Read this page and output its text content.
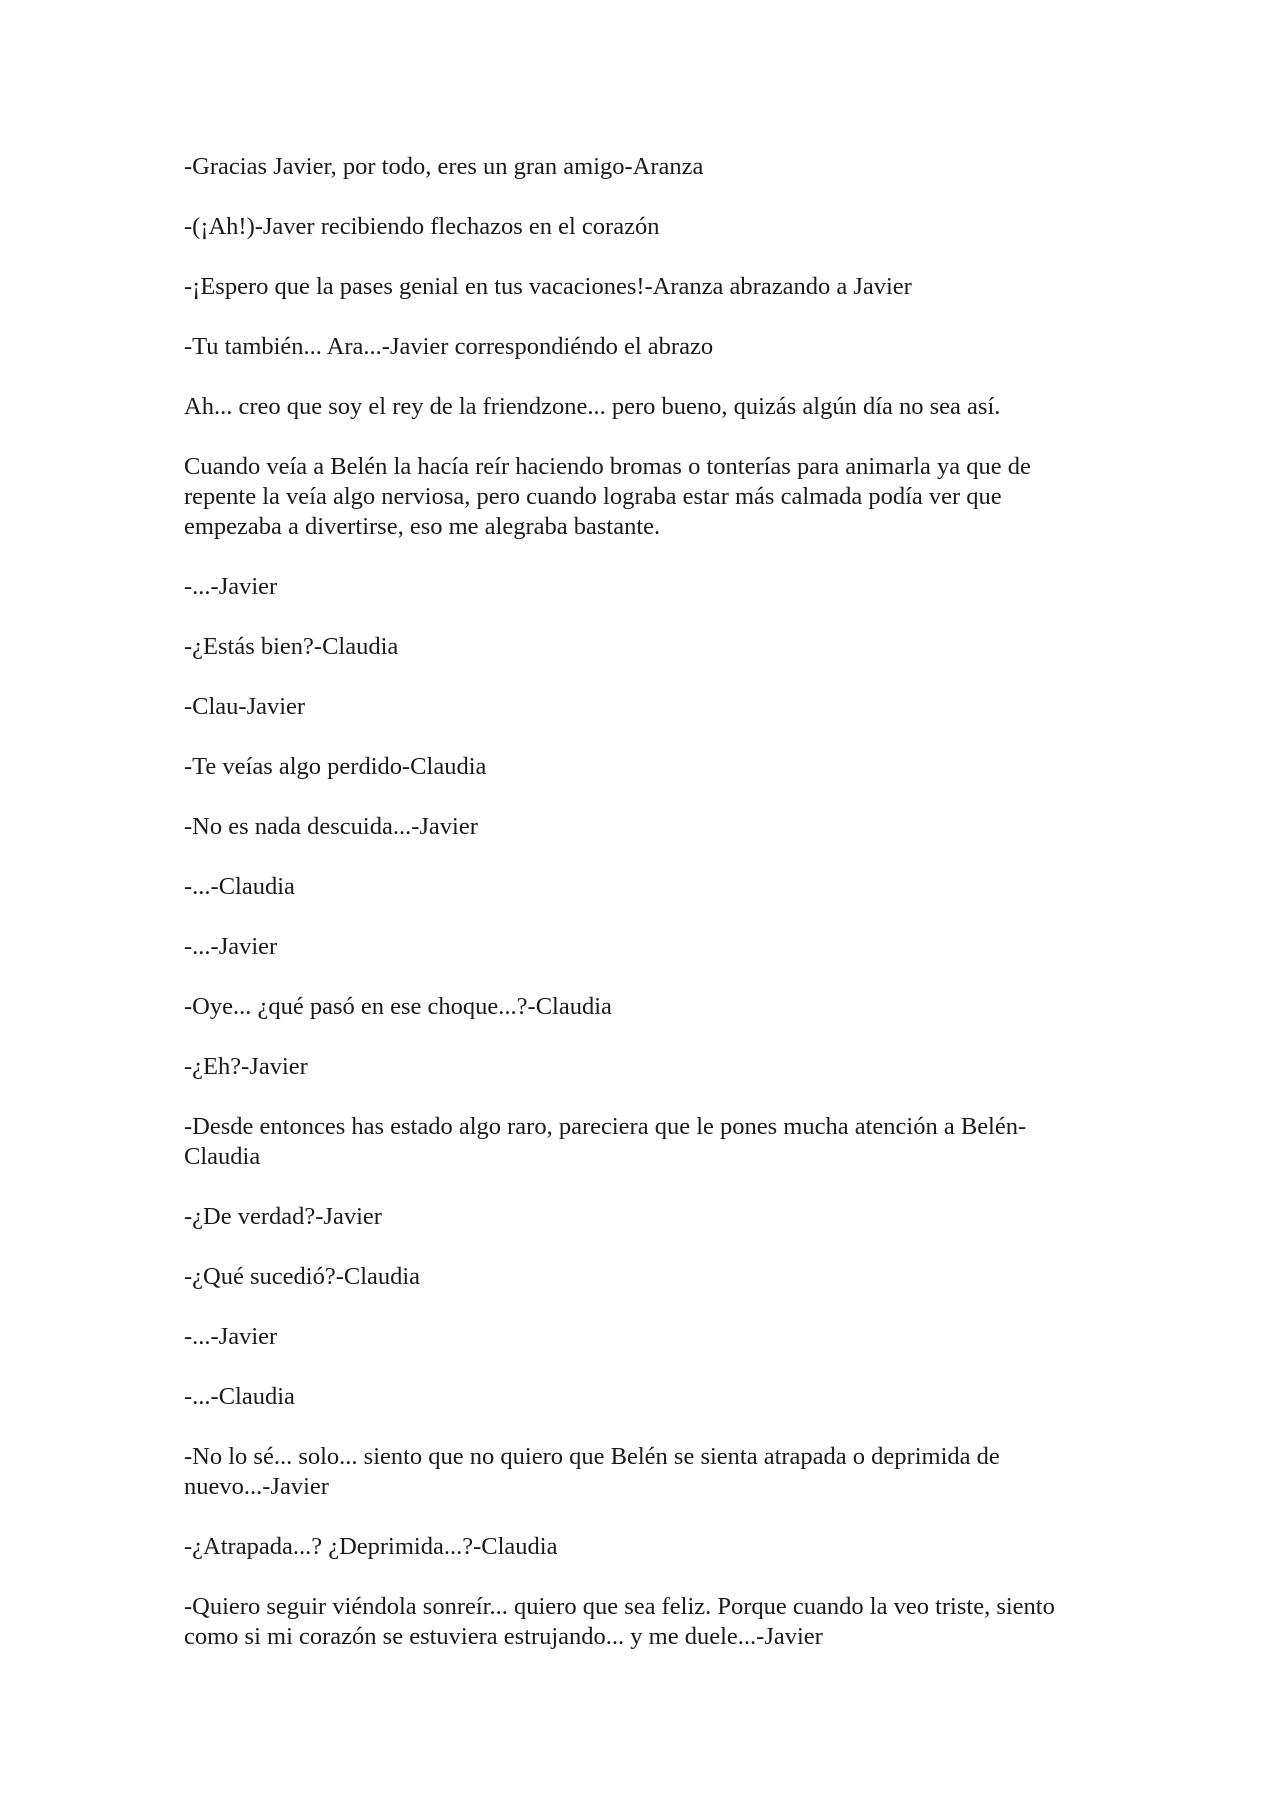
-Gracias Javier, por todo, eres un gran amigo-Aranza

-(¡Ah!)-Javer recibiendo flechazos en el corazón

-¡Espero que la pases genial en tus vacaciones!-Aranza abrazando a Javier

-Tu también... Ara...-Javier correspondiéndo el abrazo

Ah... creo que soy el rey de la friendzone... pero bueno, quizás algún día no sea así.

Cuando veía a Belén la hacía reír haciendo bromas o tonterías para animarla ya que de repente la veía algo nerviosa, pero cuando lograba estar más calmada podía ver que empezaba a divertirse, eso me alegraba bastante.

-...-Javier

-¿Estás bien?-Claudia

-Clau-Javier

-Te veías algo perdido-Claudia

-No es nada descuida...-Javier

-...-Claudia

-...-Javier

-Oye... ¿qué pasó en ese choque...?-Claudia

-¿Eh?-Javier

-Desde entonces has estado algo raro, pareciera que le pones mucha atención a Belén-Claudia

-¿De verdad?-Javier

-¿Qué sucedió?-Claudia

-...-Javier

-...-Claudia

-No lo sé... solo... siento que no quiero que Belén se sienta atrapada o deprimida de nuevo...-Javier

-¿Atrapada...? ¿Deprimida...?-Claudia

-Quiero seguir viéndola sonreír... quiero que sea feliz. Porque cuando la veo triste, siento como si mi corazón se estuviera estrujando... y me duele...-Javier
